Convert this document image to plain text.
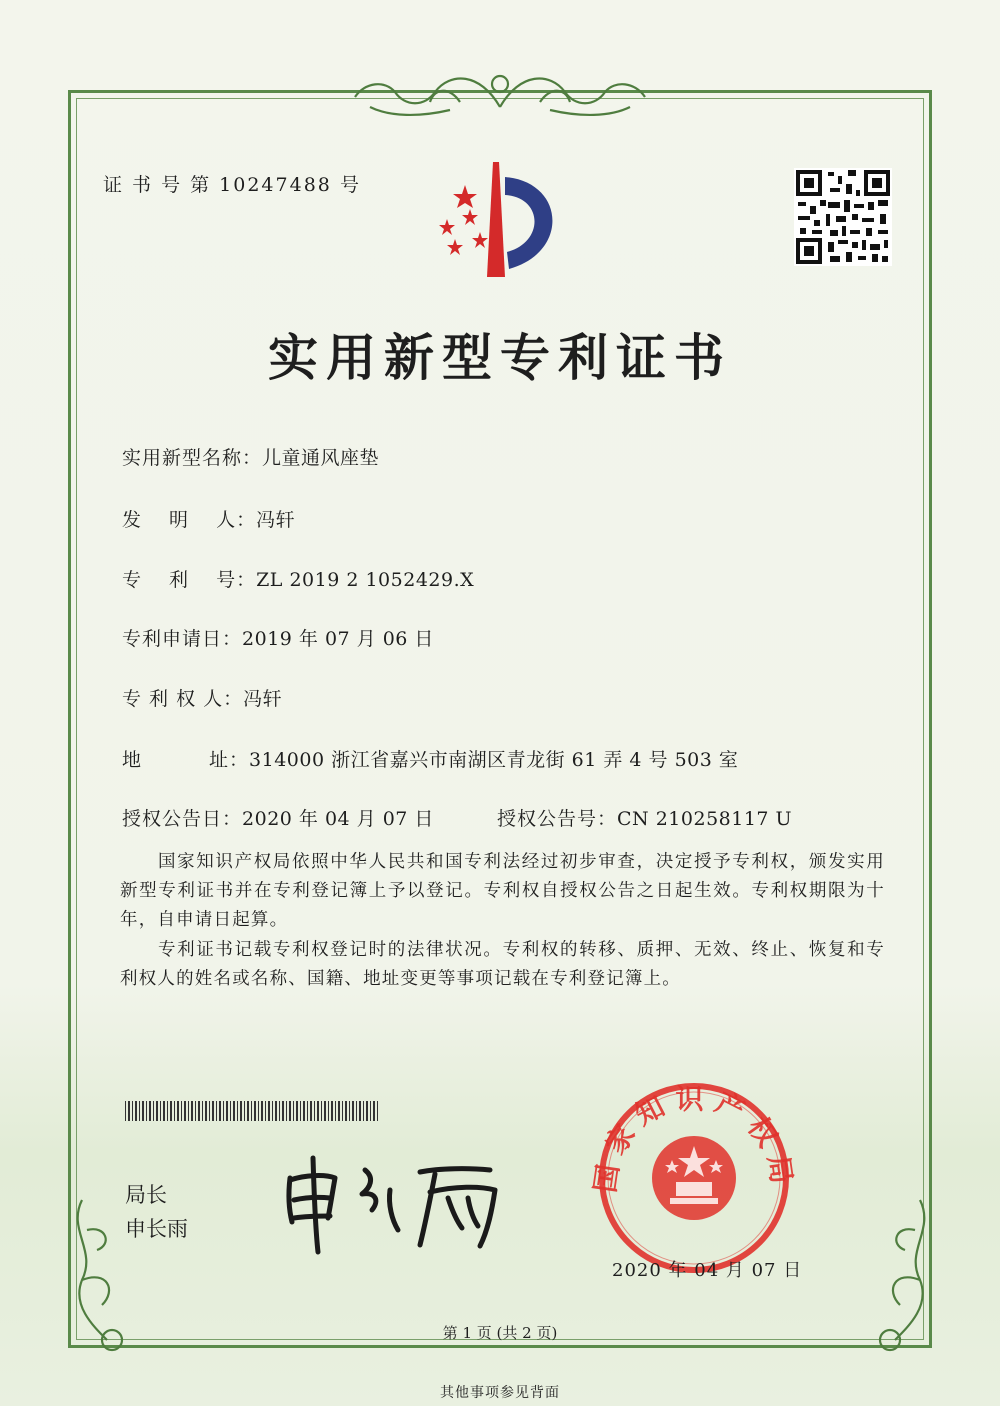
证 书 号 第 10247488 号
实用新型专利证书
实用新型名称：儿童通风座垫
发　 明　 人：冯轩
专　 利　 号：ZL 2019 2 1052429.X
专利申请日：2019 年 07 月 06 日
专 利 权 人：冯轩
地　　　 址：314000 浙江省嘉兴市南湖区青龙街 61 弄 4 号 503 室
授权公告日：2020 年 04 月 07 日	授权公告号：CN 210258117 U
国家知识产权局依照中华人民共和国专利法经过初步审查，决定授予专利权，颁发实用新型专利证书并在专利登记簿上予以登记。专利权自授权公告之日起生效。专利权期限为十年，自申请日起算。
专利证书记载专利权登记时的法律状况。专利权的转移、质押、无效、终止、恢复和专利权人的姓名或名称、国籍、地址变更等事项记载在专利登记簿上。
局长
申长雨
国家知识产权局
2020 年 04 月 07 日
第 1 页 (共 2 页)
其他事项参见背面
